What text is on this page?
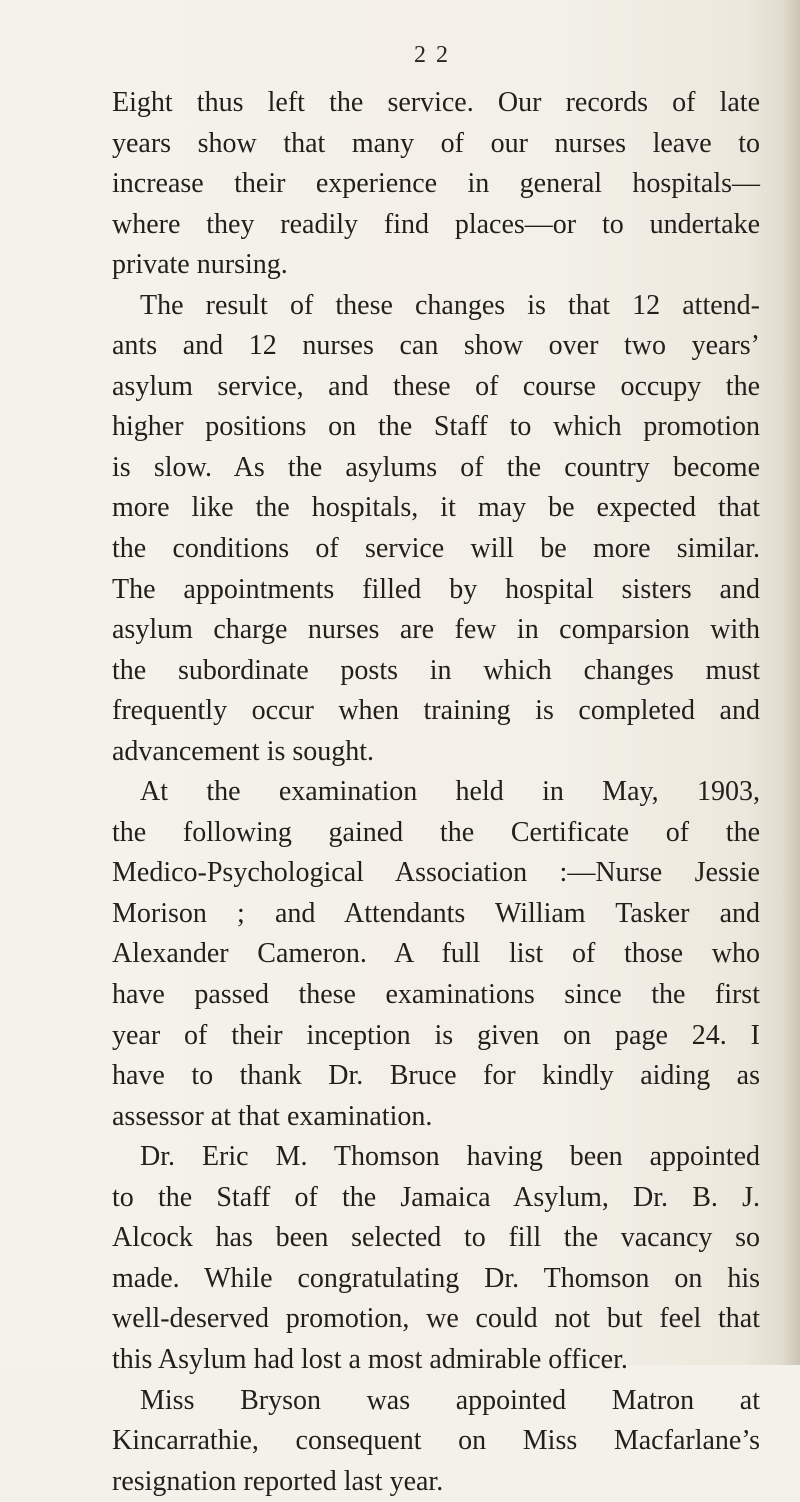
2 2
Eight thus left the service. Our records of late
years show that many of our nurses leave to
increase their experience in general hospitals—
where they readily find places—or to undertake
private nursing.
The result of these changes is that 12 attend-
ants and 12 nurses can show over two years’
asylum service, and these of course occupy the
higher positions on the Staff to which promotion
is slow. As the asylums of the country become
more like the hospitals, it may be expected that
the conditions of service will be more similar.
The appointments filled by hospital sisters and
asylum charge nurses are few in comparsion with
the subordinate posts in which changes must
frequently occur when training is completed and
advancement is sought.
At the examination held in May, 1903,
the following gained the Certificate of the
Medico-Psychological Association :—Nurse Jessie
Morison ; and Attendants William Tasker and
Alexander Cameron. A full list of those who
have passed these examinations since the first
year of their inception is given on page 24. I
have to thank Dr. Bruce for kindly aiding as
assessor at that examination.
Dr. Eric M. Thomson having been appointed
to the Staff of the Jamaica Asylum, Dr. B. J.
Alcock has been selected to fill the vacancy so
made. While congratulating Dr. Thomson on his
well-deserved promotion, we could not but feel that
this Asylum had lost a most admirable officer.
Miss Bryson was appointed Matron at
Kincarrathie, consequent on Miss Macfarlane’s
resignation reported last year.
